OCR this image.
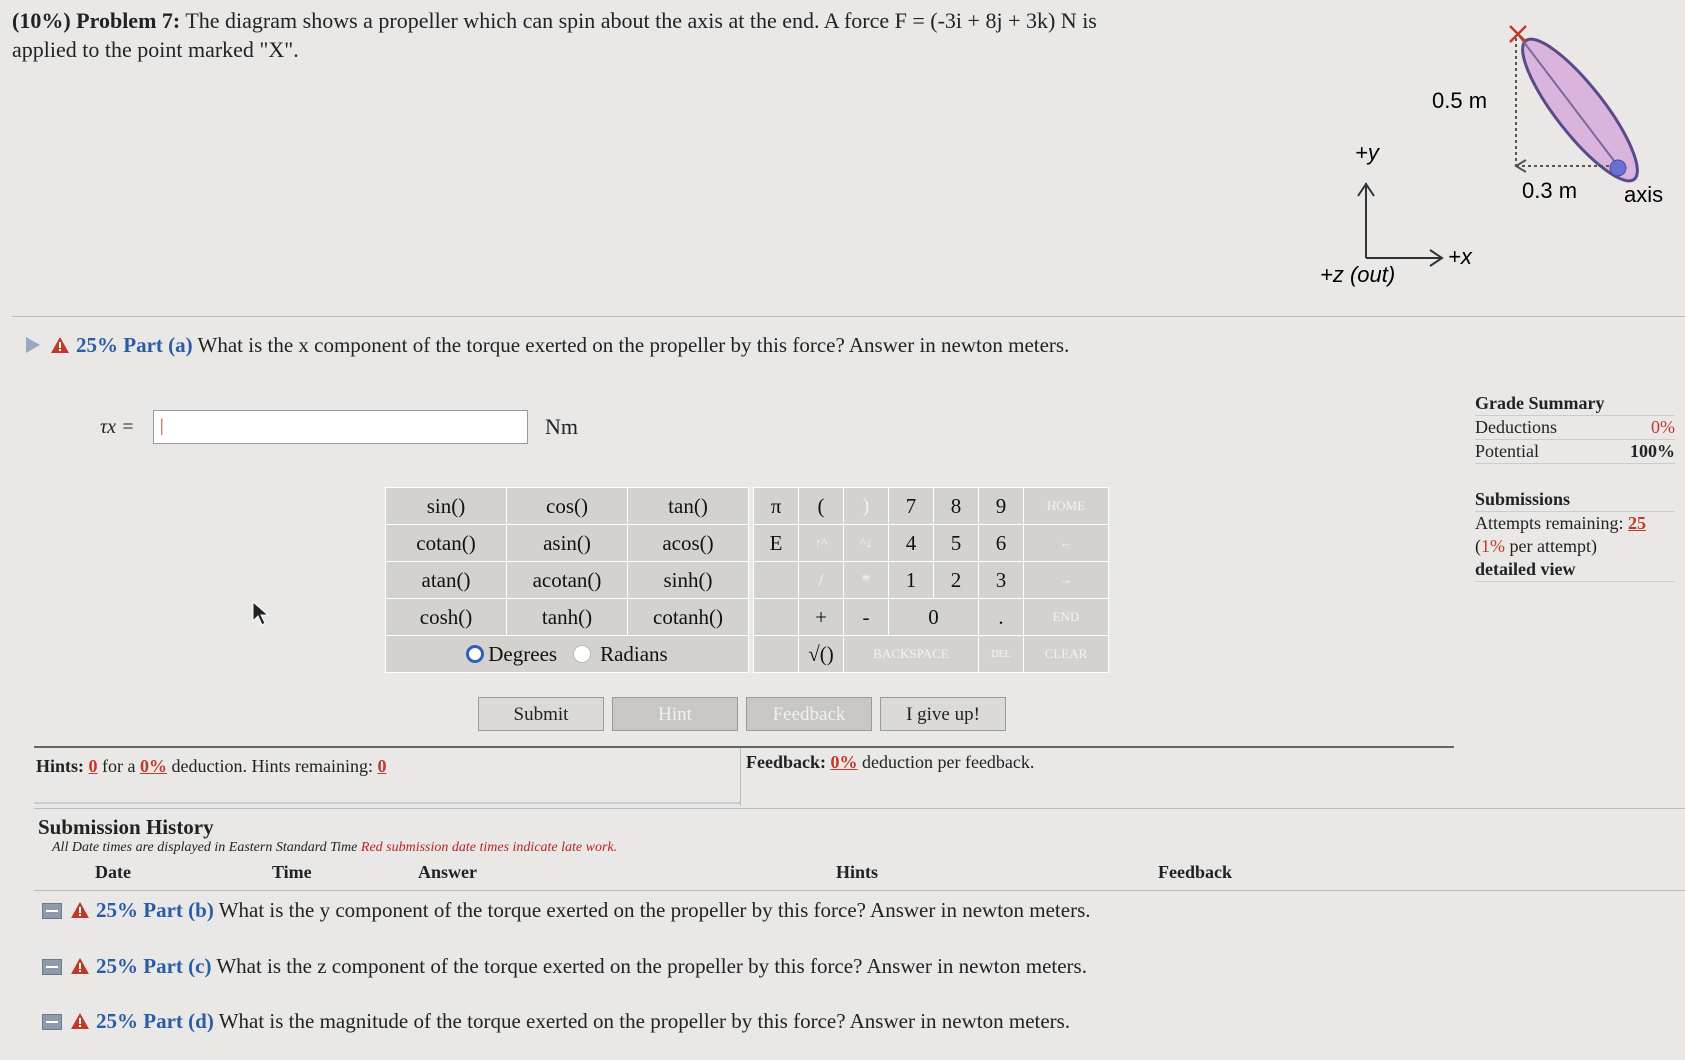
(10%) Problem 7: The diagram shows a propeller which can spin about the axis at the end. A force F = (-3i + 8j + 3k) N is
applied to the point marked "X".
+y
+x
+z (out)
0.5 m
0.3 m axis
25% Part (a) What is the x component of the torque exerted on the propeller by this force? Answer in newton meters.
τx =	|	Nm
sin()	cos()	tan()
cotan()	asin()	acos()
atan()	acotan()	sinh()
cosh()	tanh()	cotanh()
Degrees Radians		
π	(	)	7	8	9	HOME
E	↑^	^↓	4	5	6	←
	/	*	1	2	3	→
	+	-	0		.	END
	√()	BACKSPACE			DEL	CLEAR
Submit	Hint	Feedback	I give up!
Hints: 0 for a 0% deduction. Hints remaining: 0	Feedback: 0% deduction per feedback.
Submission History
All Date times are displayed in Eastern Standard Time Red submission date times indicate late work.
Date	Time	Answer	Hints	Feedback
25% Part (b) What is the y component of the torque exerted on the propeller by this force? Answer in newton meters.
25% Part (c) What is the z component of the torque exerted on the propeller by this force? Answer in newton meters.
25% Part (d) What is the magnitude of the torque exerted on the propeller by this force? Answer in newton meters.
Grade Summary
Deductions	0%
Potential	100%
Submissions
Attempts remaining: 25
(1% per attempt)
detailed view
